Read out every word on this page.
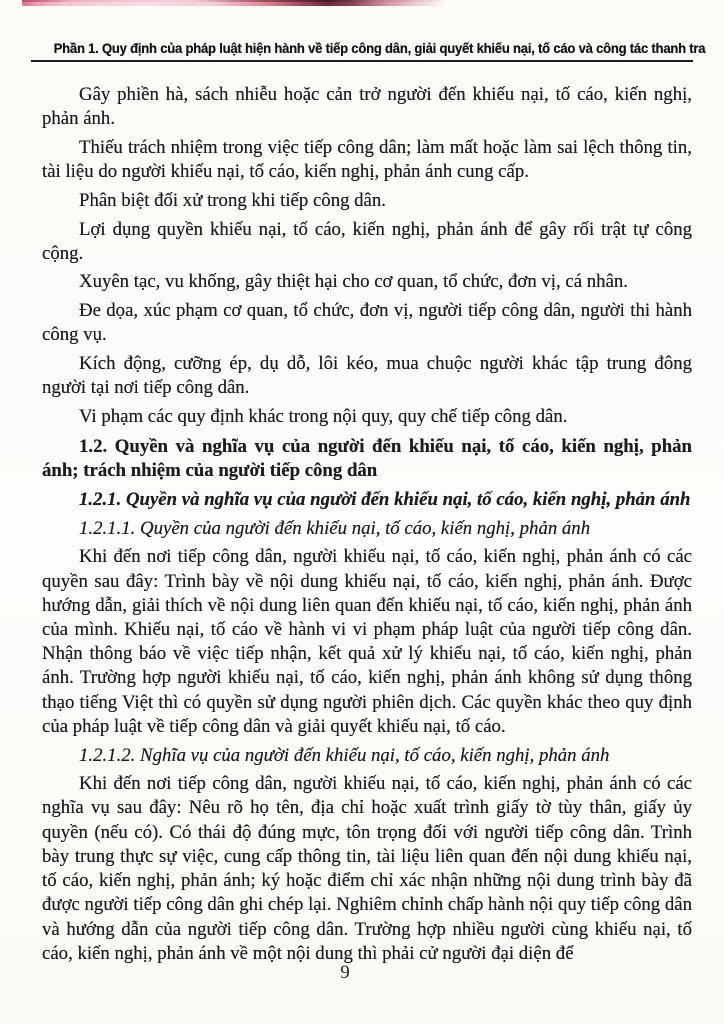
Phần 1. Quy định của pháp luật hiện hành về tiếp công dân, giải quyết khiếu nại, tố cáo và công tác thanh tra
Gây phiền hà, sách nhiễu hoặc cản trở người đến khiếu nại, tố cáo, kiến nghị, phản ánh.
Thiếu trách nhiệm trong việc tiếp công dân; làm mất hoặc làm sai lệch thông tin, tài liệu do người khiếu nại, tố cáo, kiến nghị, phản ánh cung cấp.
Phân biệt đối xử trong khi tiếp công dân.
Lợi dụng quyền khiếu nại, tố cáo, kiến nghị, phản ánh để gây rối trật tự công cộng.
Xuyên tạc, vu khống, gây thiệt hại cho cơ quan, tổ chức, đơn vị, cá nhân.
Đe dọa, xúc phạm cơ quan, tổ chức, đơn vị, người tiếp công dân, người thi hành công vụ.
Kích động, cưỡng ép, dụ dỗ, lôi kéo, mua chuộc người khác tập trung đông người tại nơi tiếp công dân.
Vi phạm các quy định khác trong nội quy, quy chế tiếp công dân.
1.2. Quyền và nghĩa vụ của người đến khiếu nại, tố cáo, kiến nghị, phản ánh; trách nhiệm của người tiếp công dân
1.2.1. Quyền và nghĩa vụ của người đến khiếu nại, tố cáo, kiến nghị, phản ánh
1.2.1.1. Quyền của người đến khiếu nại, tố cáo, kiến nghị, phản ánh
Khi đến nơi tiếp công dân, người khiếu nại, tố cáo, kiến nghị, phản ánh có các quyền sau đây: Trình bày về nội dung khiếu nại, tố cáo, kiến nghị, phản ánh. Được hướng dẫn, giải thích về nội dung liên quan đến khiếu nại, tố cáo, kiến nghị, phản ánh của mình. Khiếu nại, tố cáo về hành vi vi phạm pháp luật của người tiếp công dân. Nhận thông báo về việc tiếp nhận, kết quả xử lý khiếu nại, tố cáo, kiến nghị, phản ánh. Trường hợp người khiếu nại, tố cáo, kiến nghị, phản ánh không sử dụng thông thạo tiếng Việt thì có quyền sử dụng người phiên dịch. Các quyền khác theo quy định của pháp luật về tiếp công dân và giải quyết khiếu nại, tố cáo.
1.2.1.2. Nghĩa vụ của người đến khiếu nại, tố cáo, kiến nghị, phản ánh
Khi đến nơi tiếp công dân, người khiếu nại, tố cáo, kiến nghị, phản ánh có các nghĩa vụ sau đây: Nêu rõ họ tên, địa chỉ hoặc xuất trình giấy tờ tùy thân, giấy ủy quyền (nếu có). Có thái độ đúng mực, tôn trọng đối với người tiếp công dân. Trình bày trung thực sự việc, cung cấp thông tin, tài liệu liên quan đến nội dung khiếu nại, tố cáo, kiến nghị, phản ánh; ký hoặc điểm chỉ xác nhận những nội dung trình bày đã được người tiếp công dân ghi chép lại. Nghiêm chỉnh chấp hành nội quy tiếp công dân và hướng dẫn của người tiếp công dân. Trường hợp nhiều người cùng khiếu nại, tố cáo, kiến nghị, phản ánh về một nội dung thì phải cử người đại diện để
9
